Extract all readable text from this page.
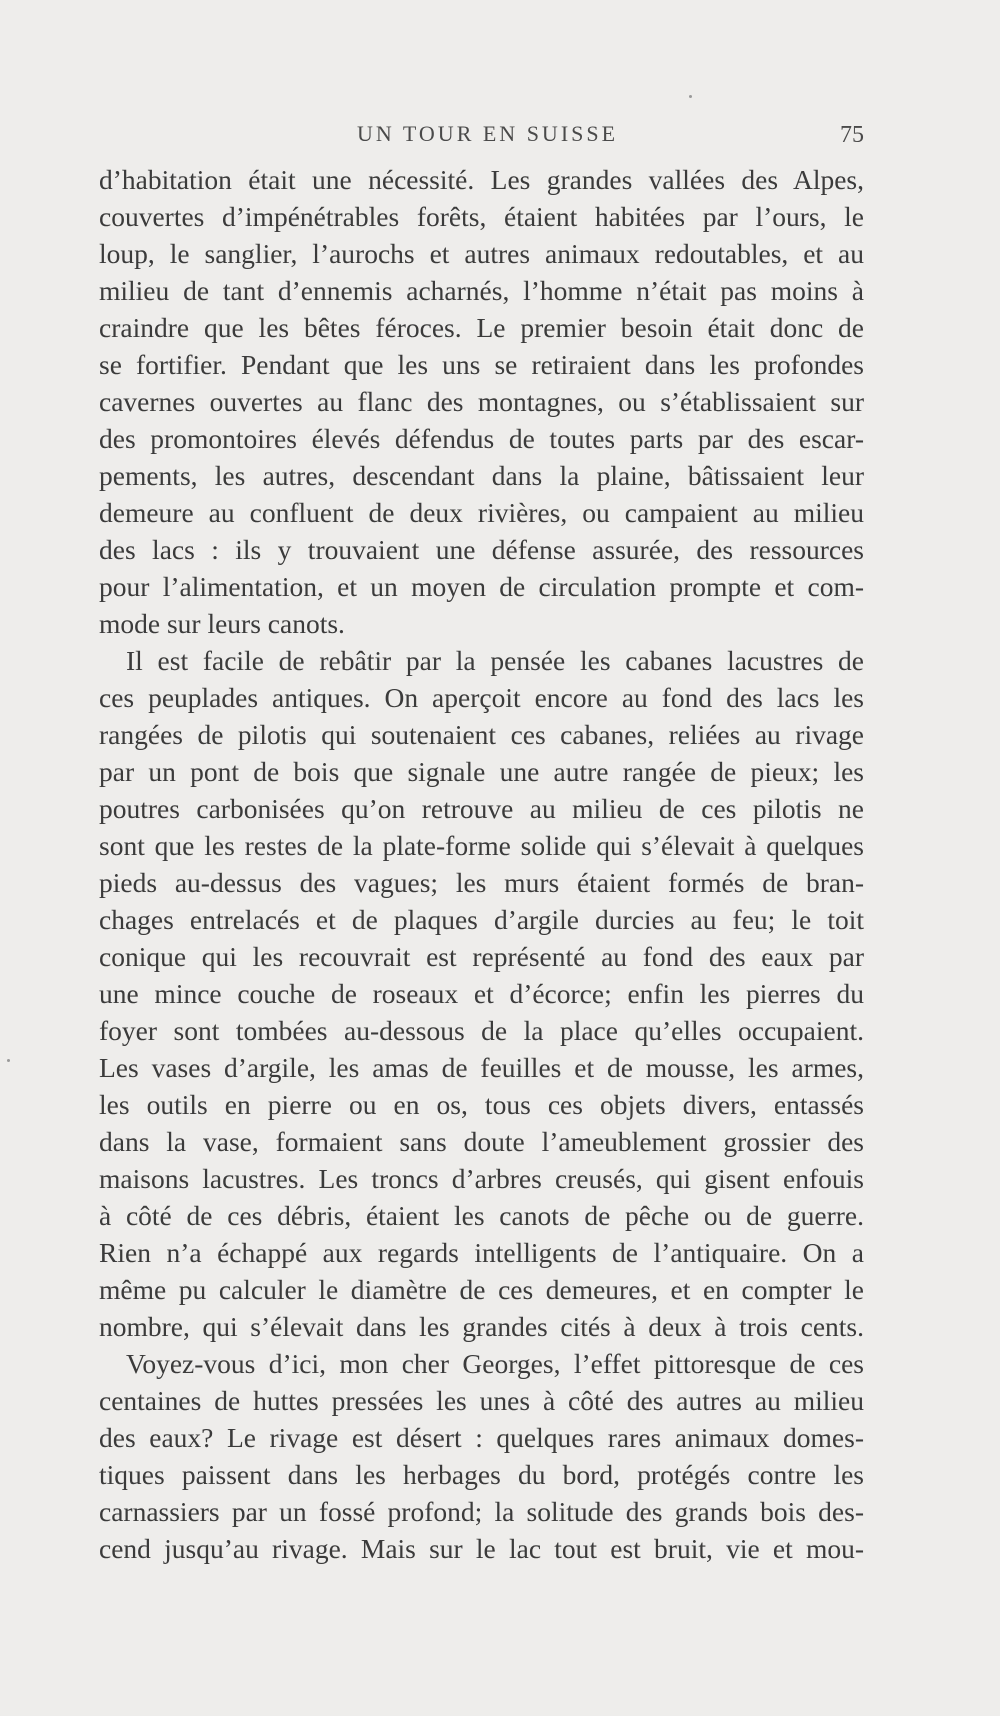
UN TOUR EN SUISSE	75
d’habitation était une nécessité. Les grandes vallées des Alpes,
couvertes d’impénétrables forêts, étaient habitées par l’ours, le
loup, le sanglier, l’aurochs et autres animaux redoutables, et au
milieu de tant d’ennemis acharnés, l’homme n’était pas moins à
craindre que les bêtes féroces. Le premier besoin était donc de
se fortifier. Pendant que les uns se retiraient dans les profondes
cavernes ouvertes au flanc des montagnes, ou s’établissaient sur
des promontoires élevés défendus de toutes parts par des escar-
pements, les autres, descendant dans la plaine, bâtissaient leur
demeure au confluent de deux rivières, ou campaient au milieu
des lacs : ils y trouvaient une défense assurée, des ressources
pour l’alimentation, et un moyen de circulation prompte et com-
mode sur leurs canots.
Il est facile de rebâtir par la pensée les cabanes lacustres de
ces peuplades antiques. On aperçoit encore au fond des lacs les
rangées de pilotis qui soutenaient ces cabanes, reliées au rivage
par un pont de bois que signale une autre rangée de pieux; les
poutres carbonisées qu’on retrouve au milieu de ces pilotis ne
sont que les restes de la plate-forme solide qui s’élevait à quelques
pieds au-dessus des vagues; les murs étaient formés de bran-
chages entrelacés et de plaques d’argile durcies au feu; le toit
conique qui les recouvrait est représenté au fond des eaux par
une mince couche de roseaux et d’écorce; enfin les pierres du
foyer sont tombées au-dessous de la place qu’elles occupaient.
Les vases d’argile, les amas de feuilles et de mousse, les armes,
les outils en pierre ou en os, tous ces objets divers, entassés
dans la vase, formaient sans doute l’ameublement grossier des
maisons lacustres. Les troncs d’arbres creusés, qui gisent enfouis
à côté de ces débris, étaient les canots de pêche ou de guerre.
Rien n’a échappé aux regards intelligents de l’antiquaire. On a
même pu calculer le diamètre de ces demeures, et en compter le
nombre, qui s’élevait dans les grandes cités à deux à trois cents.
Voyez-vous d’ici, mon cher Georges, l’effet pittoresque de ces
centaines de huttes pressées les unes à côté des autres au milieu
des eaux? Le rivage est désert : quelques rares animaux domes-
tiques paissent dans les herbages du bord, protégés contre les
carnassiers par un fossé profond; la solitude des grands bois des-
cend jusqu’au rivage. Mais sur le lac tout est bruit, vie et mou-
